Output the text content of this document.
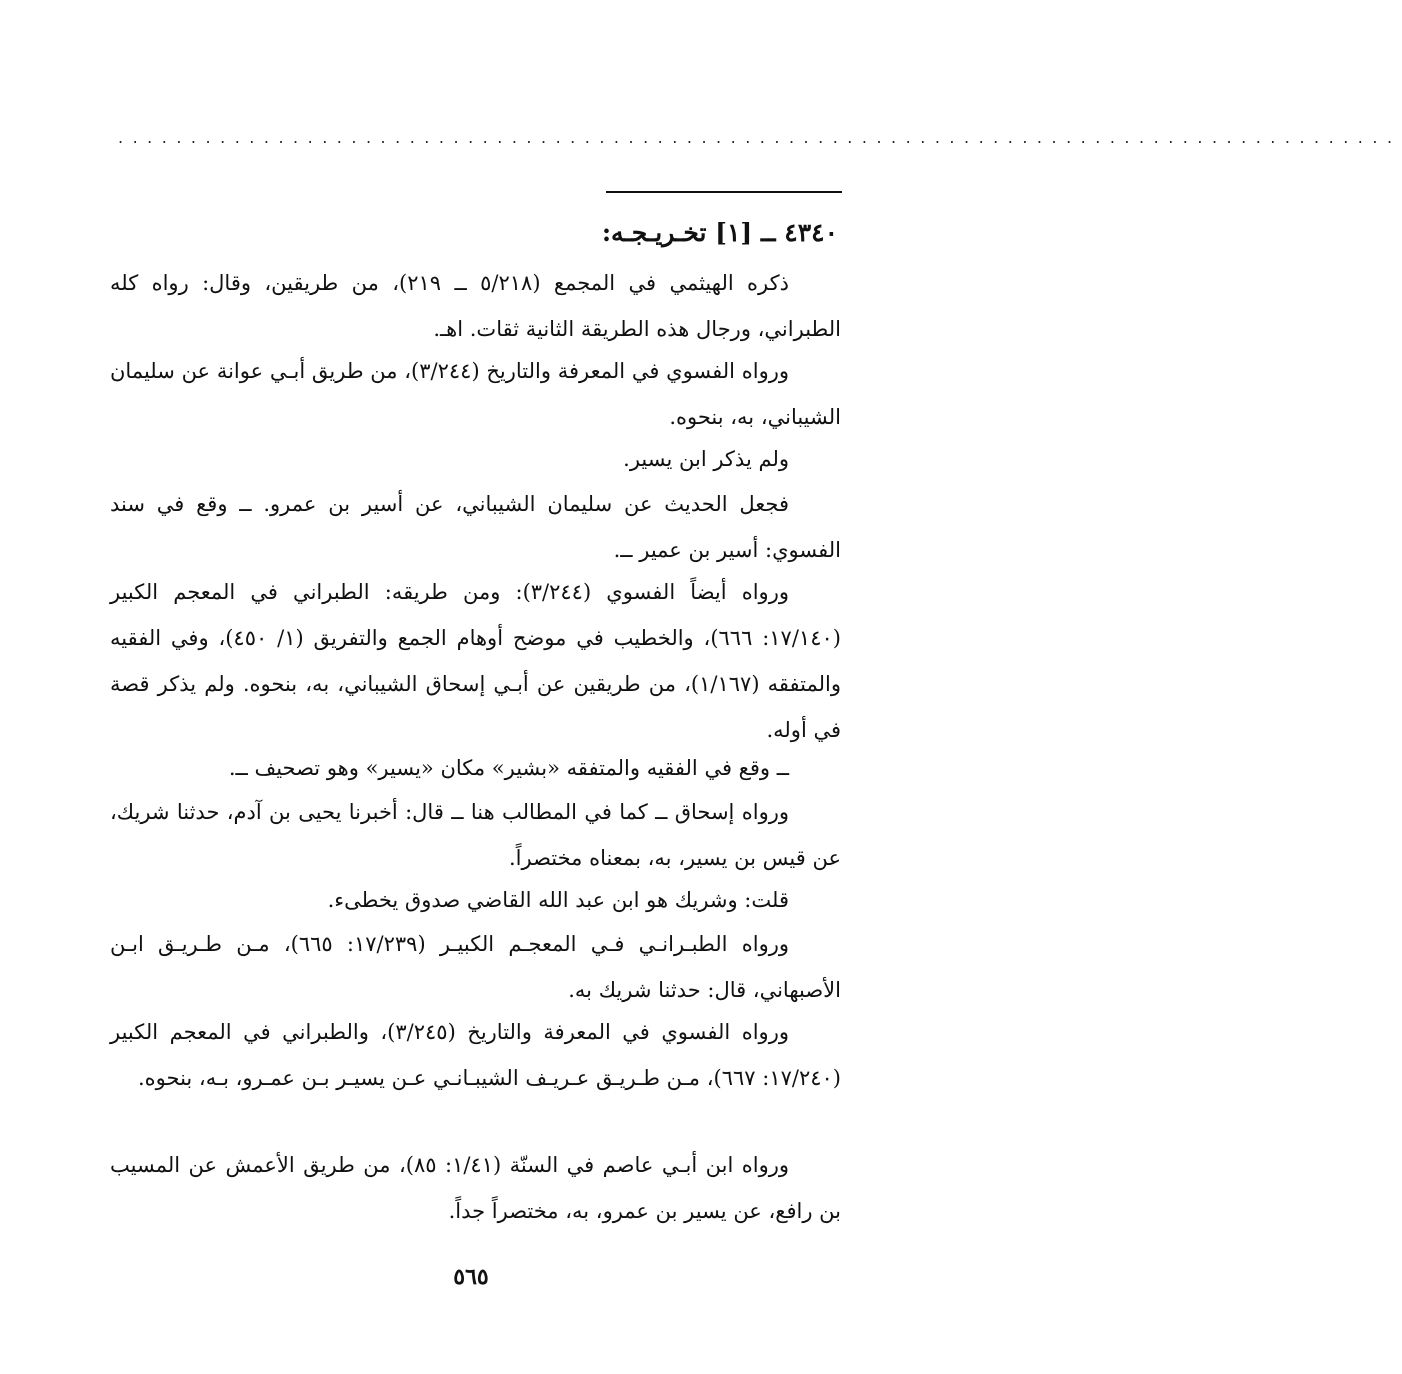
........................................................................................
٤٣٤٠ ــ [١] تخـريـجـه:
ذكره الهيثمي في المجمع (٥/٢١٨ ــ ٢١٩)، من طريقين، وقال: رواه كله الطبراني، ورجال هذه الطريقة الثانية ثقات. اهـ.
ورواه الفسوي في المعرفة والتاريخ (٣/٢٤٤)، من طريق أبـي عوانة عن سليمان الشيباني، به، بنحوه.
ولم يذكر ابن يسير.
فجعل الحديث عن سليمان الشيباني، عن أسير بن عمرو. ــ وقع في سند الفسوي: أسير بن عمير ــ.
ورواه أيضاً الفسوي (٣/٢٤٤): ومن طريقه: الطبراني في المعجم الكبير (١٧/١٤٠: ٦٦٦)، والخطيب في موضح أوهام الجمع والتفريق (١/ ٤٥٠)، وفي الفقيه والمتفقه (١/١٦٧)، من طريقين عن أبـي إسحاق الشيباني، به، بنحوه. ولم يذكر قصة في أوله.
ــ وقع في الفقيه والمتفقه «بشير» مكان «يسير» وهو تصحيف ــ.
ورواه إسحاق ــ كما في المطالب هنا ــ قال: أخبرنا يحيى بن آدم، حدثنا شريك، عن قيس بن يسير، به، بمعناه مختصراً.
قلت: وشريك هو ابن عبد الله القاضي صدوق يخطىء.
ورواه الطبـرانـي فـي المعجـم الكبيـر (١٧/٢٣٩: ٦٦٥)، مـن طـريـق ابـن الأصبهاني، قال: حدثنا شريك به.
ورواه الفسوي في المعرفة والتاريخ (٣/٢٤٥)، والطبراني في المعجم الكبير (١٧/٢٤٠: ٦٦٧)، مـن طـريـق عـريـف الشيبـانـي عـن يسيـر بـن عمـرو، بـه، بنحوه.
ورواه ابن أبـي عاصم في السنّة (١/٤١: ٨٥)، من طريق الأعمش عن المسيب بن رافع، عن يسير بن عمرو، به، مختصراً جداً.
٥٦٥
